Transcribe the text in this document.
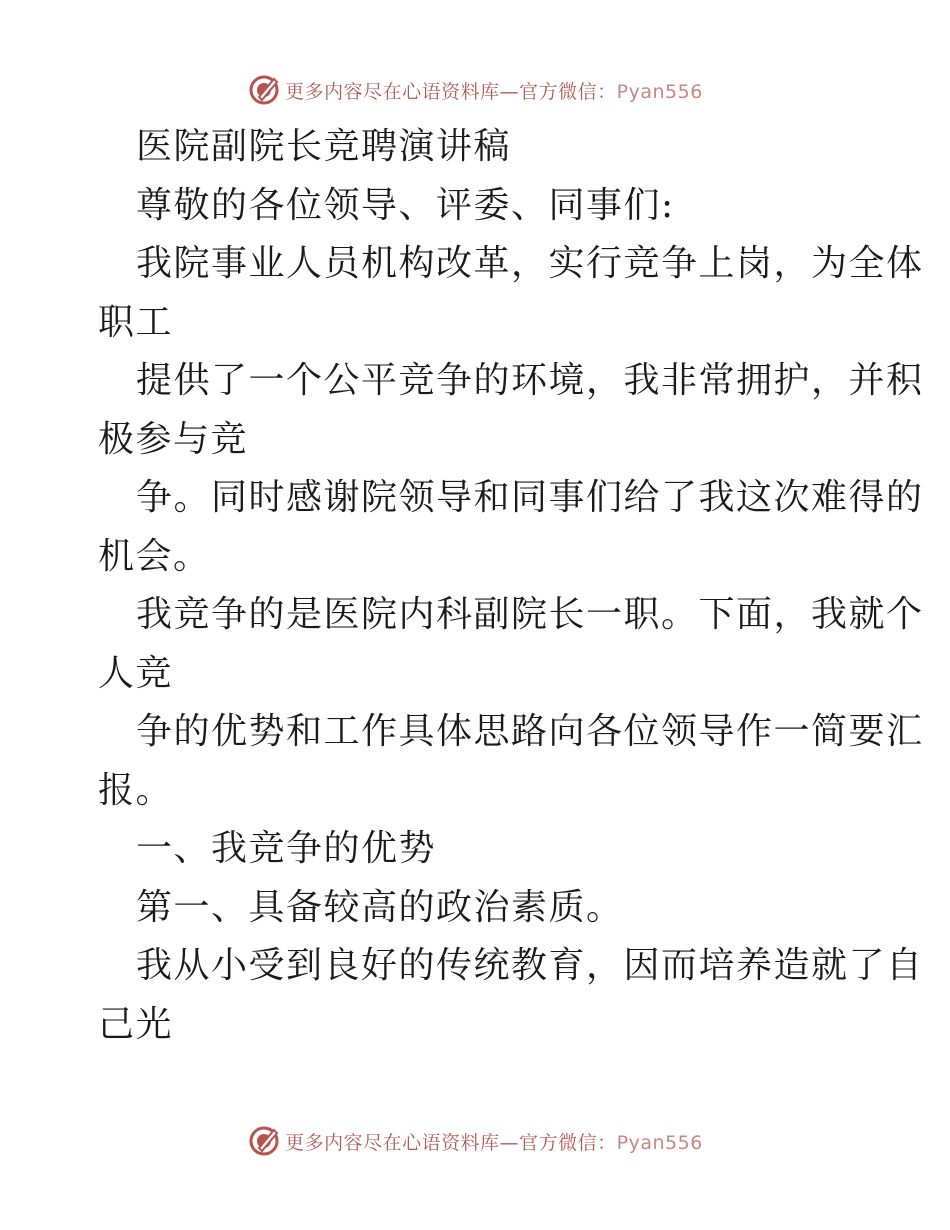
更多内容尽在心语资料库—官方微信：Pyan556
医院副院长竞聘演讲稿
尊敬的各位领导、评委、同事们:
我院事业人员机构改革，实行竞争上岗，为全体
职工
提供了一个公平竞争的环境，我非常拥护，并积
极参与竞
争。同时感谢院领导和同事们给了我这次难得的
机会。
我竞争的是医院内科副院长一职。下面，我就个
人竞
争的优势和工作具体思路向各位领导作一简要汇
报。
一、我竞争的优势
第一、具备较高的政治素质。
我从小受到良好的传统教育，因而培养造就了自
己光
更多内容尽在心语资料库—官方微信：Pyan556
